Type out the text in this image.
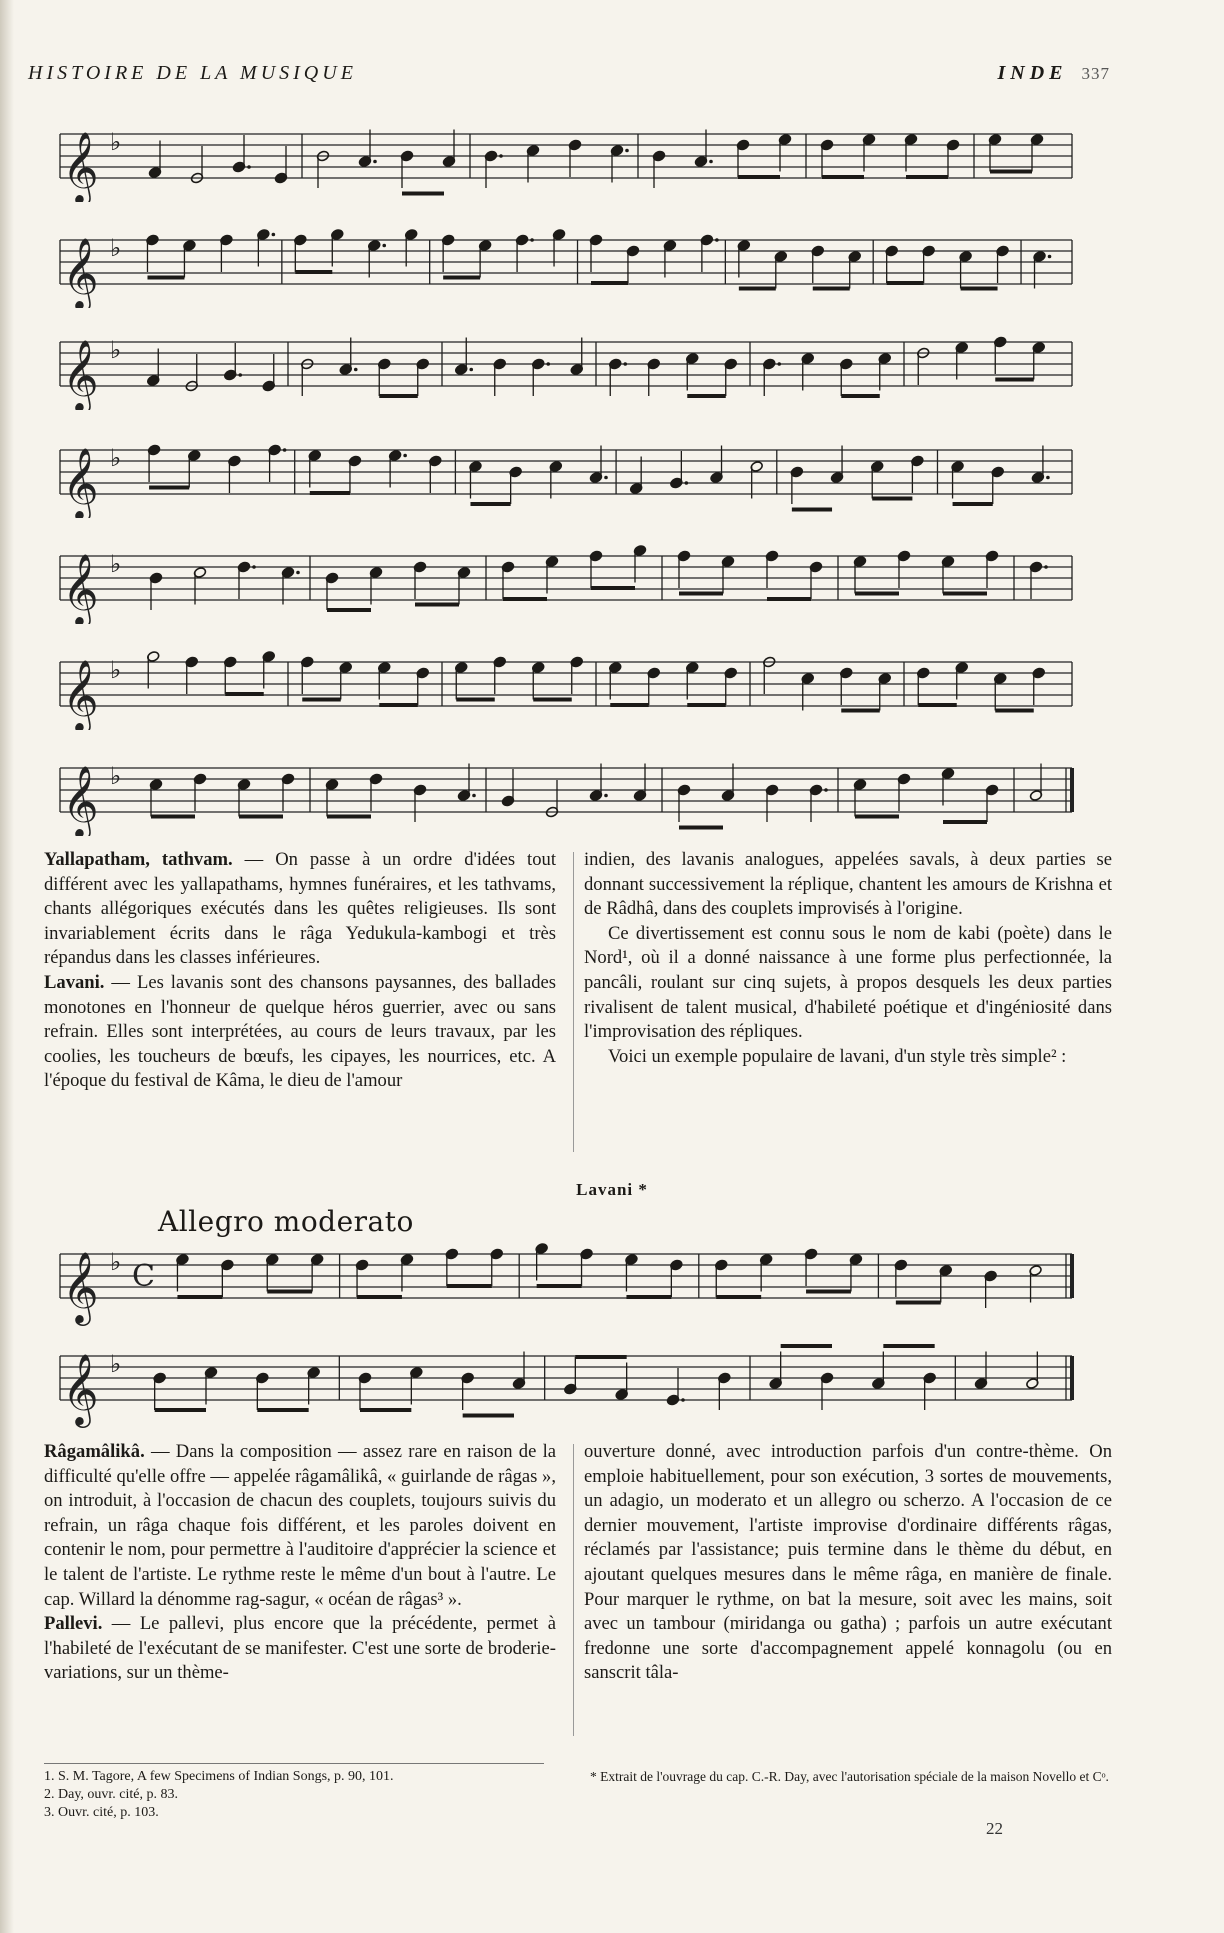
HISTOIRE DE LA MUSIQUE	INDE 337
𝄞 ♭
𝄞 ♭
𝄞 ♭
𝄞 ♭
𝄞 ♭
𝄞 ♭
𝄞 ♭

Yallapatham, tathvam. — On passe à un ordre d'idées tout différent avec les yallapathams, hymnes funéraires, et les tathvams, chants allégoriques exécutés dans les quêtes religieuses. Ils sont invariablement écrits dans le râga Yedukula-kambogi et très répandus dans les classes inférieures.

Lavani. — Les lavanis sont des chansons paysannes, des ballades monotones en l'honneur de quelque héros guerrier, avec ou sans refrain. Elles sont interprétées, au cours de leurs travaux, par les coolies, les toucheurs de bœufs, les cipayes, les nourrices, etc. A l'époque du festival de Kâma, le dieu de l'amour

indien, des lavanis analogues, appelées savals, à deux parties se donnant successivement la réplique, chantent les amours de Krishna et de Râdhâ, dans des couplets improvisés à l'origine.

Ce divertissement est connu sous le nom de kabi (poète) dans le Nord¹, où il a donné naissance à une forme plus perfectionnée, la pancâli, roulant sur cinq sujets, à propos desquels les deux parties rivalisent de talent musical, d'habileté poétique et d'ingéniosité dans l'improvisation des répliques.

Voici un exemple populaire de lavani, d'un style très simple² :

Lavani *
Allegro moderato
𝄞 ♭ C
𝄞 ♭

Râgamâlikâ. — Dans la composition — assez rare en raison de la difficulté qu'elle offre — appelée râgamâlikâ, « guirlande de râgas », on introduit, à l'occasion de chacun des couplets, toujours suivis du refrain, un râga chaque fois différent, et les paroles doivent en contenir le nom, pour permettre à l'auditoire d'apprécier la science et le talent de l'artiste. Le rythme reste le même d'un bout à l'autre. Le cap. Willard la dénomme rag-sagur, « océan de râgas³ ».

Pallevi. — Le pallevi, plus encore que la précédente, permet à l'habileté de l'exécutant de se manifester. C'est une sorte de broderie-variations, sur un thème-

ouverture donné, avec introduction parfois d'un contre-thème. On emploie habituellement, pour son exécution, 3 sortes de mouvements, un adagio, un moderato et un allegro ou scherzo. A l'occasion de ce dernier mouvement, l'artiste improvise d'ordinaire différents râgas, réclamés par l'assistance; puis termine dans le thème du début, en ajoutant quelques mesures dans le même râga, en manière de finale. Pour marquer le rythme, on bat la mesure, soit avec les mains, soit avec un tambour (miridanga ou gatha) ; parfois un autre exécutant fredonne une sorte d'accompagnement appelé konnagolu (ou en sanscrit tâla-

1. S. M. Tagore, A few Specimens of Indian Songs, p. 90, 101.
2. Day, ouvr. cité, p. 83.
3. Ouvr. cité, p. 103.
* Extrait de l'ouvrage du cap. C.-R. Day, avec l'autorisation spéciale de la maison Novello et Cᵒ.
22
